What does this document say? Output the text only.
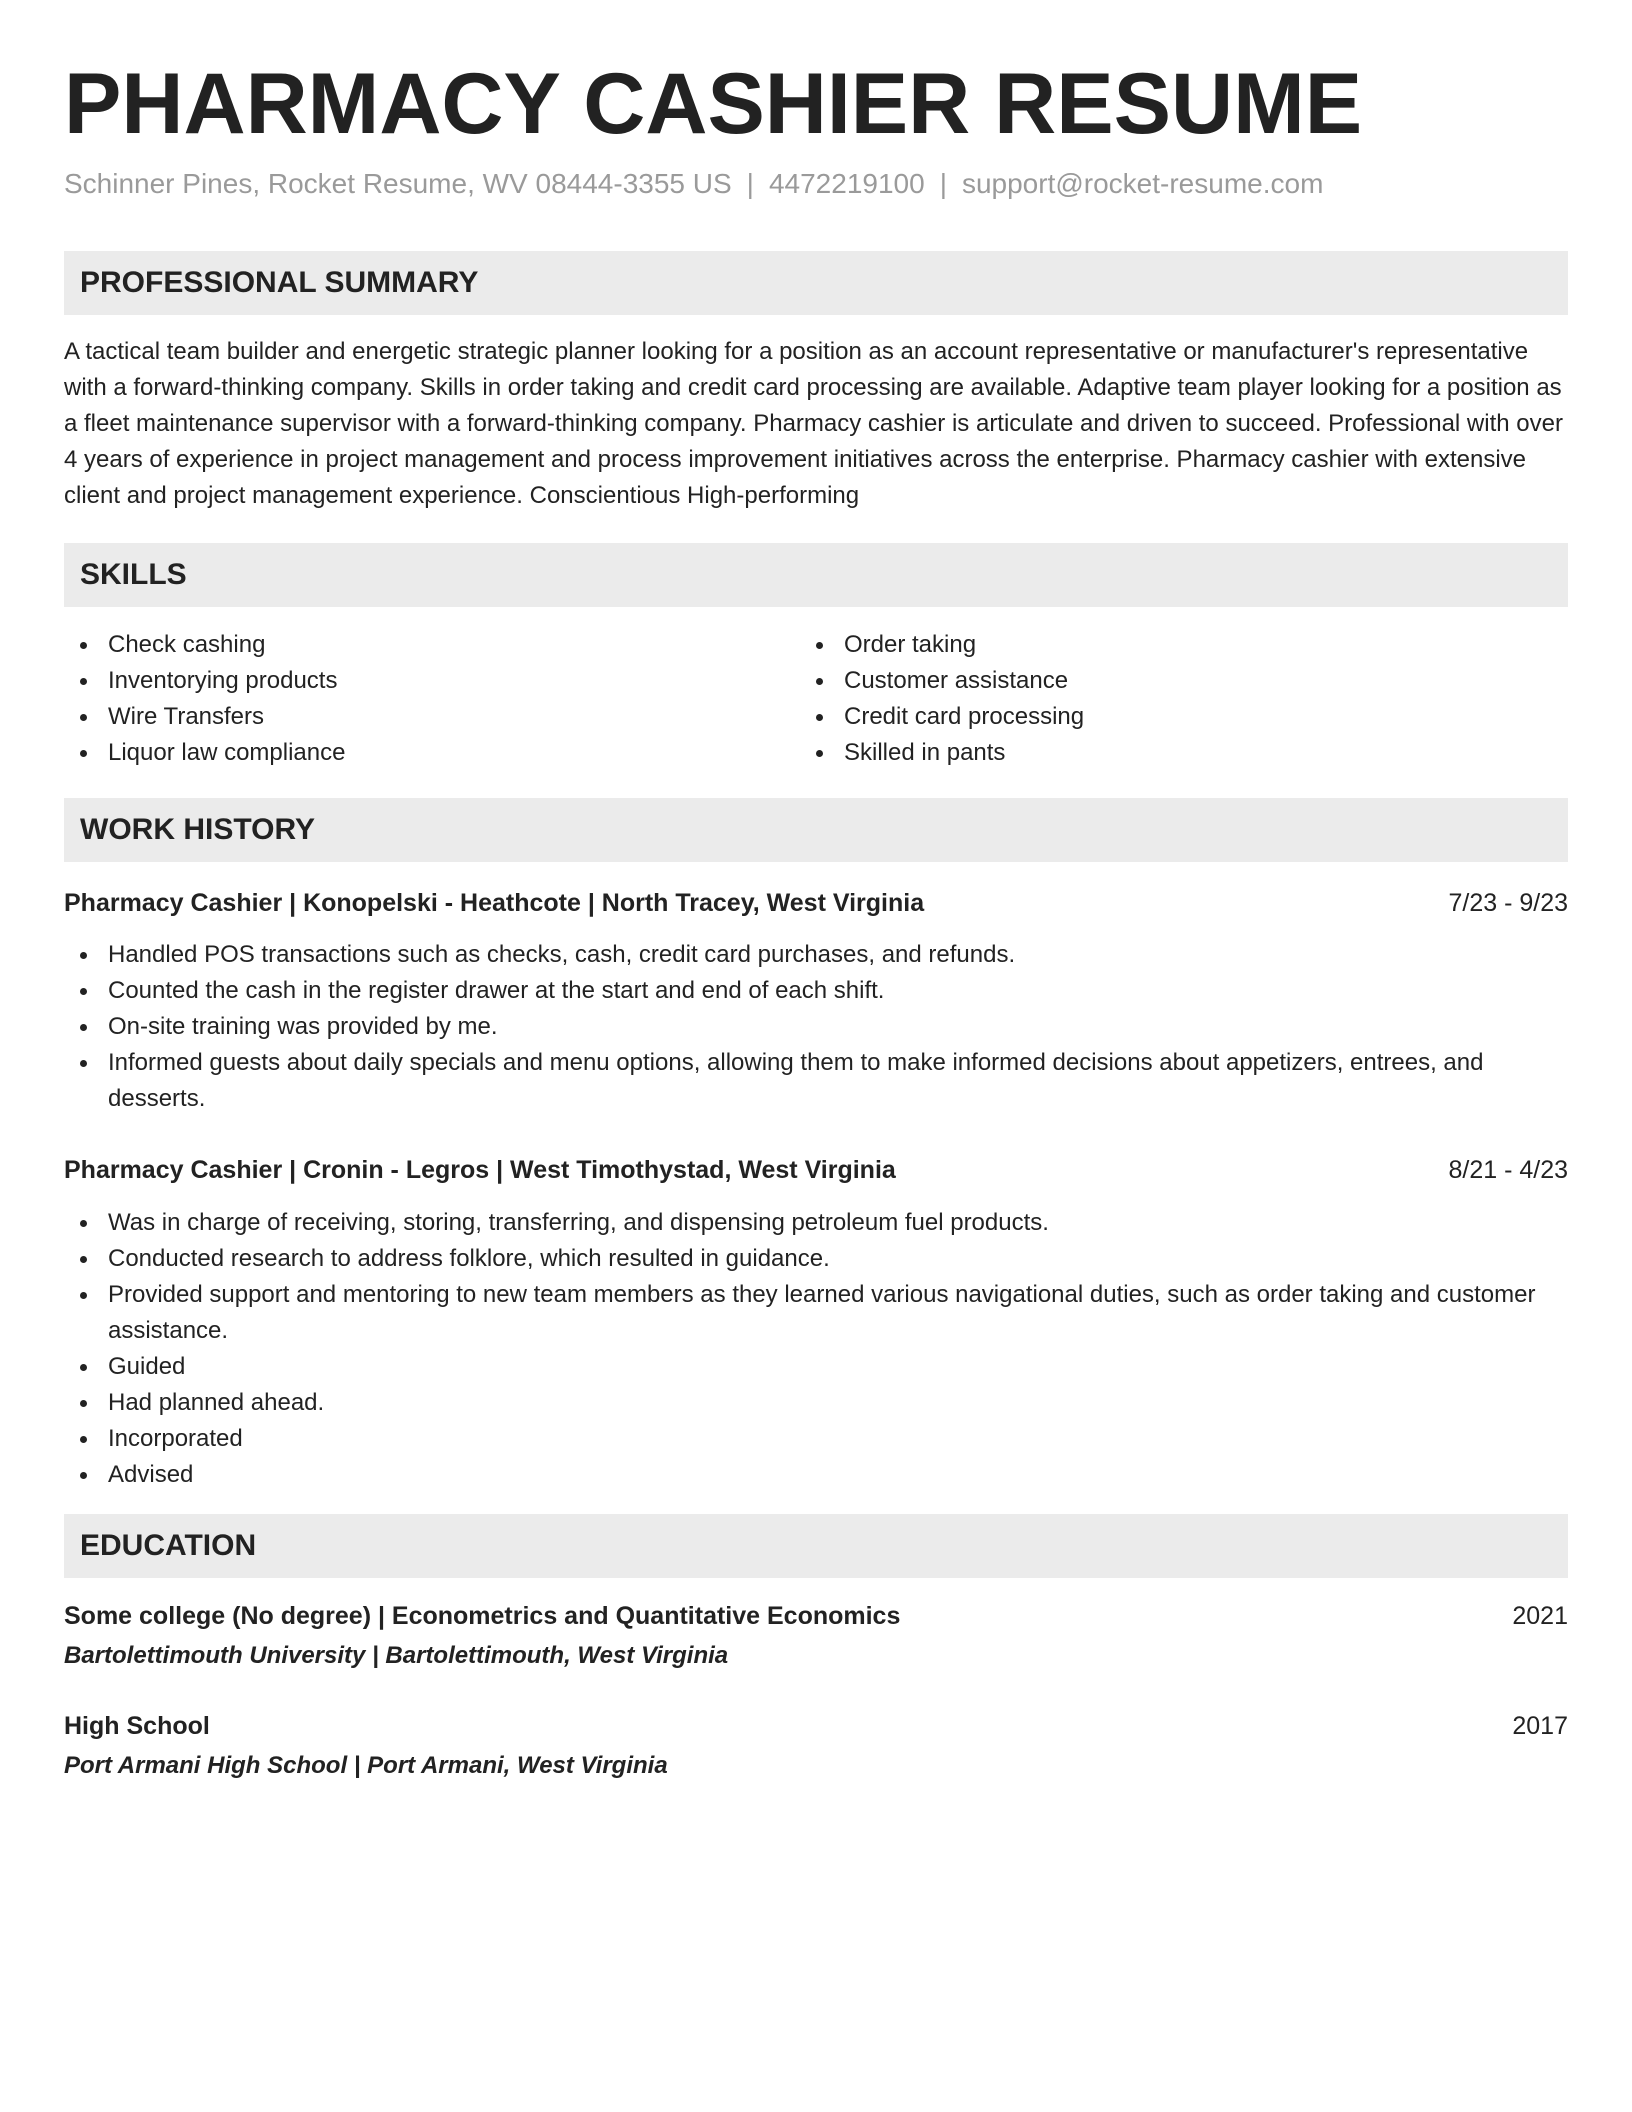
PHARMACY CASHIER RESUME
Schinner Pines, Rocket Resume, WV 08444-3355 US | 4472219100 | support@rocket-resume.com
PROFESSIONAL SUMMARY

A tactical team builder and energetic strategic planner looking for a position as an account representative or manufacturer's representative with a forward-thinking company. Skills in order taking and credit card processing are available. Adaptive team player looking for a position as a fleet maintenance supervisor with a forward-thinking company. Pharmacy cashier is articulate and driven to succeed. Professional with over 4 years of experience in project management and process improvement initiatives across the enterprise. Pharmacy cashier with extensive client and project management experience. Conscientious High-performing

SKILLS
Check cashing
Inventorying products
Wire Transfers
Liquor law compliance
Order taking
Customer assistance
Credit card processing
Skilled in pants
WORK HISTORY
Pharmacy Cashier | Konopelski - Heathcote | North Tracey, West Virginia	7/23 - 9/23
Handled POS transactions such as checks, cash, credit card purchases, and refunds.
Counted the cash in the register drawer at the start and end of each shift.
On-site training was provided by me.
Informed guests about daily specials and menu options, allowing them to make informed decisions about appetizers, entrees, and desserts.
Pharmacy Cashier | Cronin - Legros | West Timothystad, West Virginia	8/21 - 4/23
Was in charge of receiving, storing, transferring, and dispensing petroleum fuel products.
Conducted research to address folklore, which resulted in guidance.
Provided support and mentoring to new team members as they learned various navigational duties, such as order taking and customer assistance.
Guided
Had planned ahead.
Incorporated
Advised
EDUCATION
Some college (No degree) | Econometrics and Quantitative Economics	2021
Bartolettimouth University | Bartolettimouth, West Virginia
High School	2017
Port Armani High School | Port Armani, West Virginia
